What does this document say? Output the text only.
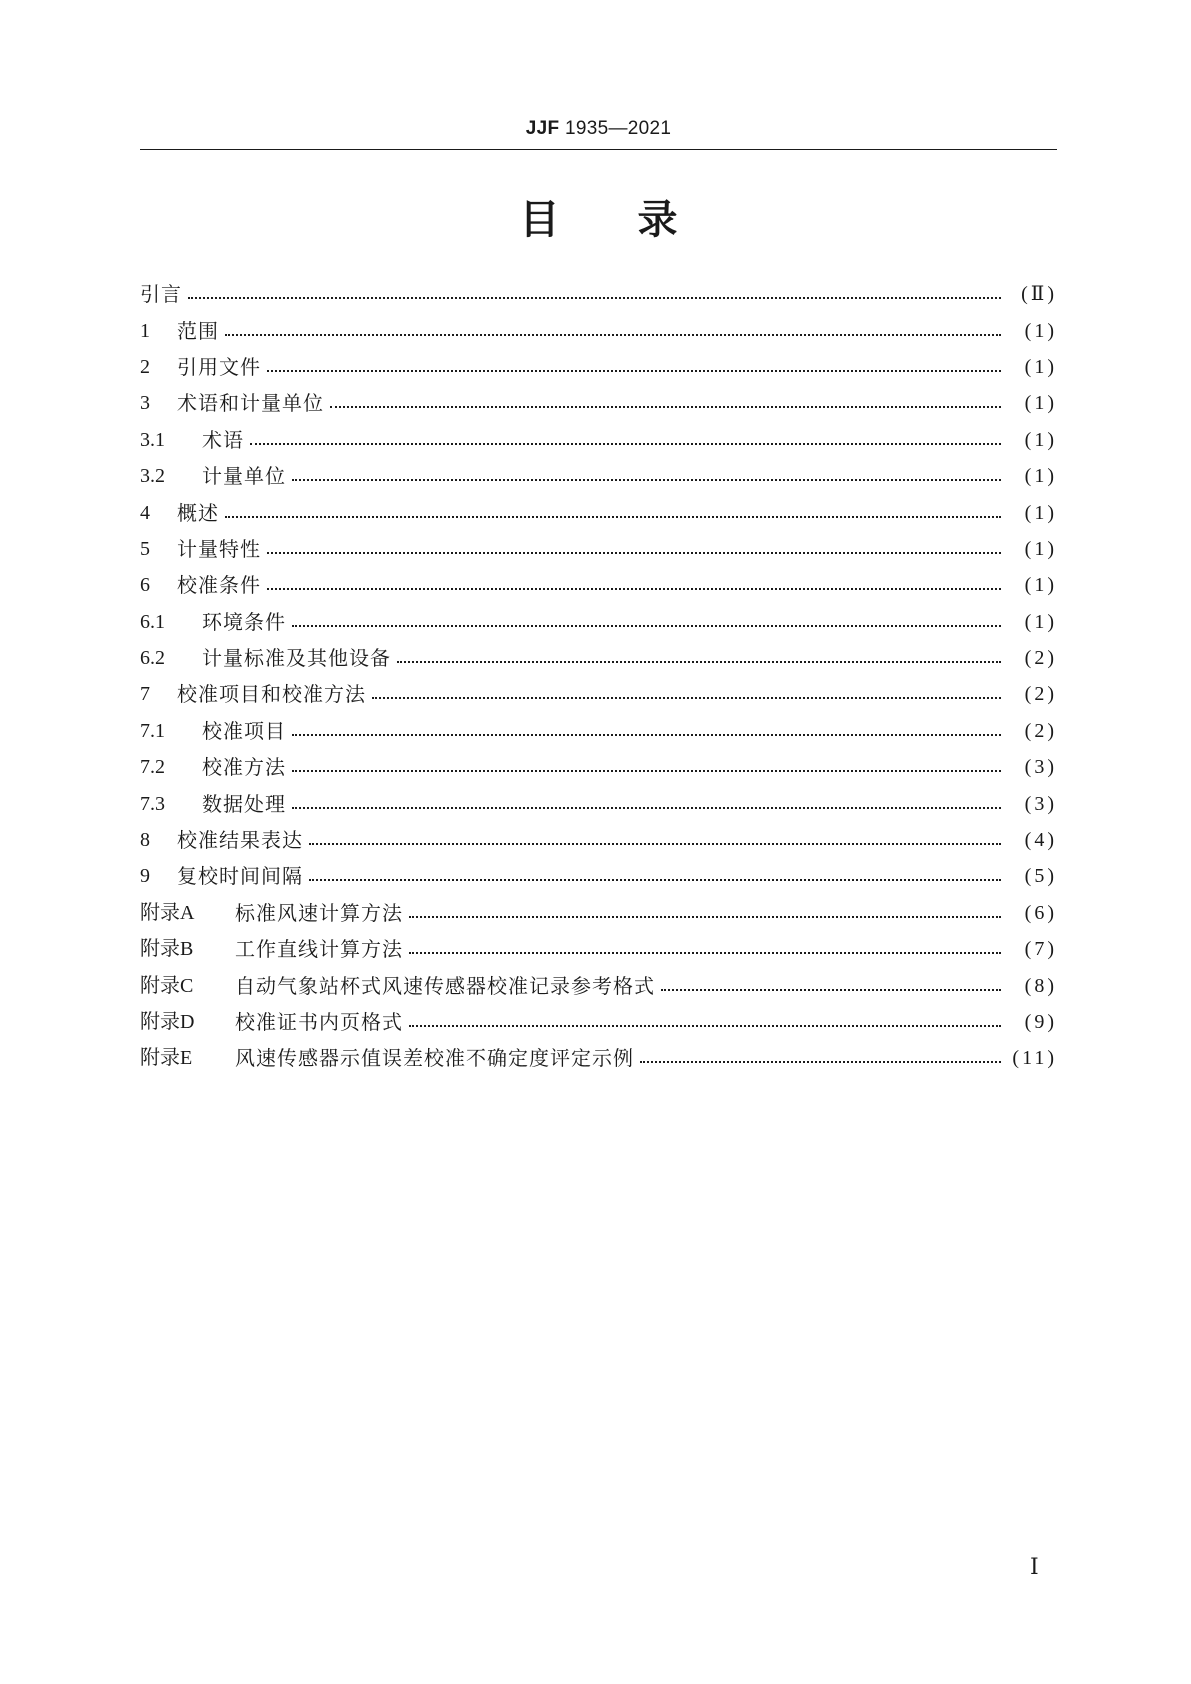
JJF 1935—2021
目录
引言	(Ⅱ)
1	范围	(1)
2	引用文件	(1)
3	术语和计量单位	(1)
3.1	术语	(1)
3.2	计量单位	(1)
4	概述	(1)
5	计量特性	(1)
6	校准条件	(1)
6.1	环境条件	(1)
6.2	计量标准及其他设备	(2)
7	校准项目和校准方法	(2)
7.1	校准项目	(2)
7.2	校准方法	(3)
7.3	数据处理	(3)
8	校准结果表达	(4)
9	复校时间间隔	(5)
附录A	标准风速计算方法	(6)
附录B	工作直线计算方法	(7)
附录C	自动气象站杯式风速传感器校准记录参考格式	(8)
附录D	校准证书内页格式	(9)
附录E	风速传感器示值误差校准不确定度评定示例	(11)
Ⅰ
